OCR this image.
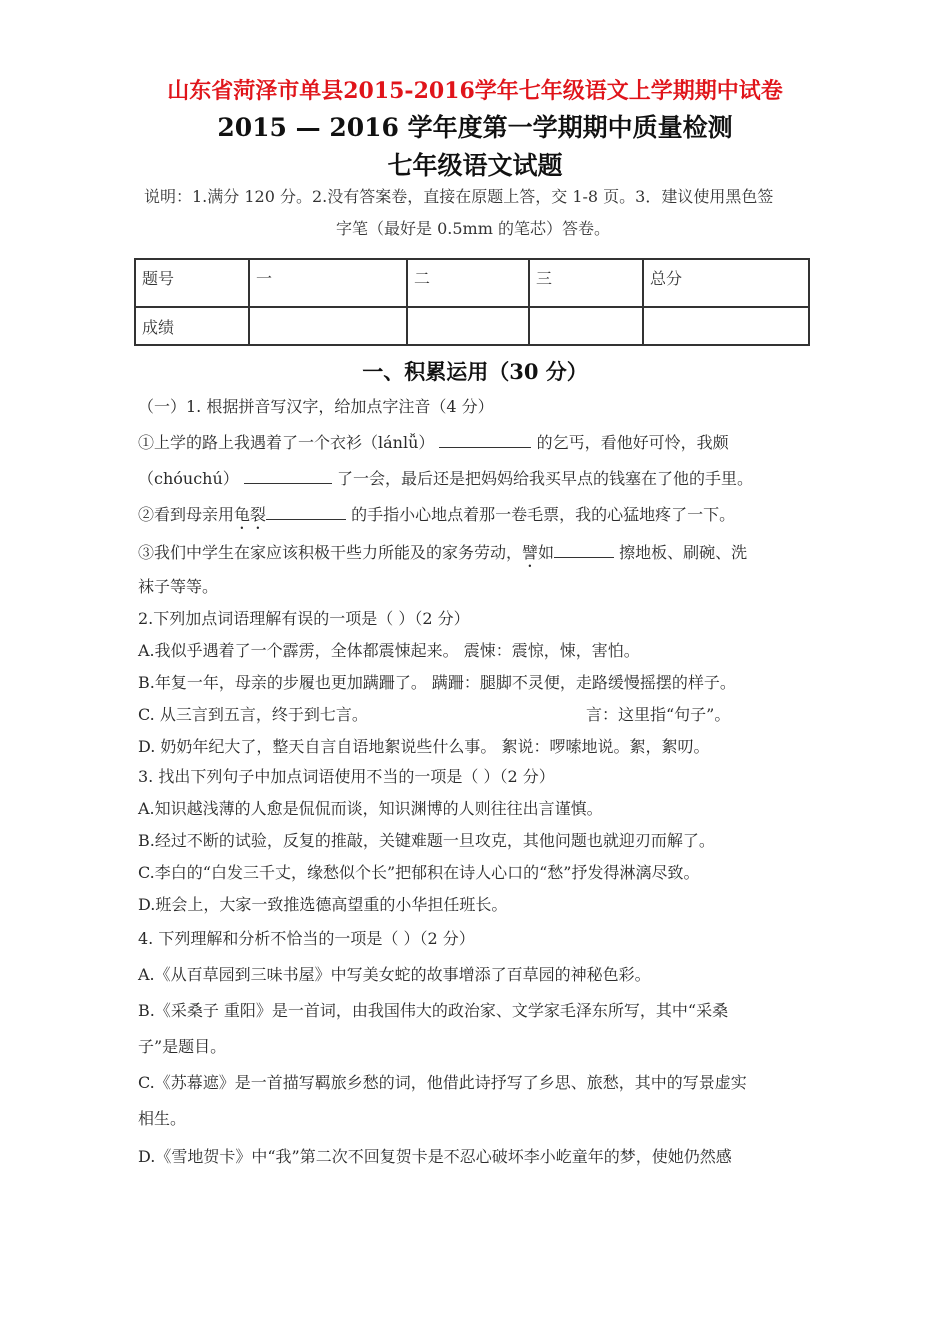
山东省菏泽市单县2015-2016学年七年级语文上学期期中试卷
2015 — 2016 学年度第一学期期中质量检测
七年级语文试题
说明：1.满分 120 分。2.没有答案卷，直接在原题上答，交 1-8 页。3．建议使用黑色签
字笔（最好是 0.5mm 的笔芯）答卷。
题号	一	二	三	总分
成绩				
一、积累运用（30 分）
（一）1. 根据拼音写汉字，给加点字注音（4 分）
①上学的路上我遇着了一个衣衫（lánlǚ）	的乞丐，看他好可怜，我颇
（chóuchú）	了一会，最后还是把妈妈给我买早点的钱塞在了他的手里。
②看到母亲用龟裂	的手指小心地点着那一卷毛票，我的心猛地疼了一下。
③我们中学生在家应该积极干些力所能及的家务劳动，譬如	擦地板、刷碗、洗
袜子等等。
2.下列加点词语理解有误的一项是（ ）（2 分）
A.我似乎遇着了一个霹雳，全体都震悚起来。 震悚：震惊，悚，害怕。
B.年复一年，母亲的步履也更加蹒跚了。 蹒跚：腿脚不灵便，走路缓慢摇摆的样子。
C. 从三言到五言，终于到七言。	言：这里指“句子”。
D. 奶奶年纪大了，整天自言自语地絮说些什么事。 絮说：啰嗦地说。絮，絮叨。
3. 找出下列句子中加点词语使用不当的一项是（ ）（2 分）
A.知识越浅薄的人愈是侃侃而谈，知识渊博的人则往往出言谨慎。
B.经过不断的试验，反复的推敲，关键难题一旦攻克，其他问题也就迎刃而解了。
C.李白的“白发三千丈，缘愁似个长”把郁积在诗人心口的“愁”抒发得淋漓尽致。
D.班会上，大家一致推选德高望重的小华担任班长。
4. 下列理解和分析不恰当的一项是（ ）（2 分）
A.《从百草园到三味书屋》中写美女蛇的故事增添了百草园的神秘色彩。
B.《采桑子 重阳》是一首词，由我国伟大的政治家、文学家毛泽东所写，其中“采桑
子”是题目。
C.《苏幕遮》是一首描写羁旅乡愁的词，他借此诗抒写了乡思、旅愁，其中的写景虚实
相生。
D.《雪地贺卡》中“我”第二次不回复贺卡是不忍心破坏李小屹童年的梦，使她仍然感
